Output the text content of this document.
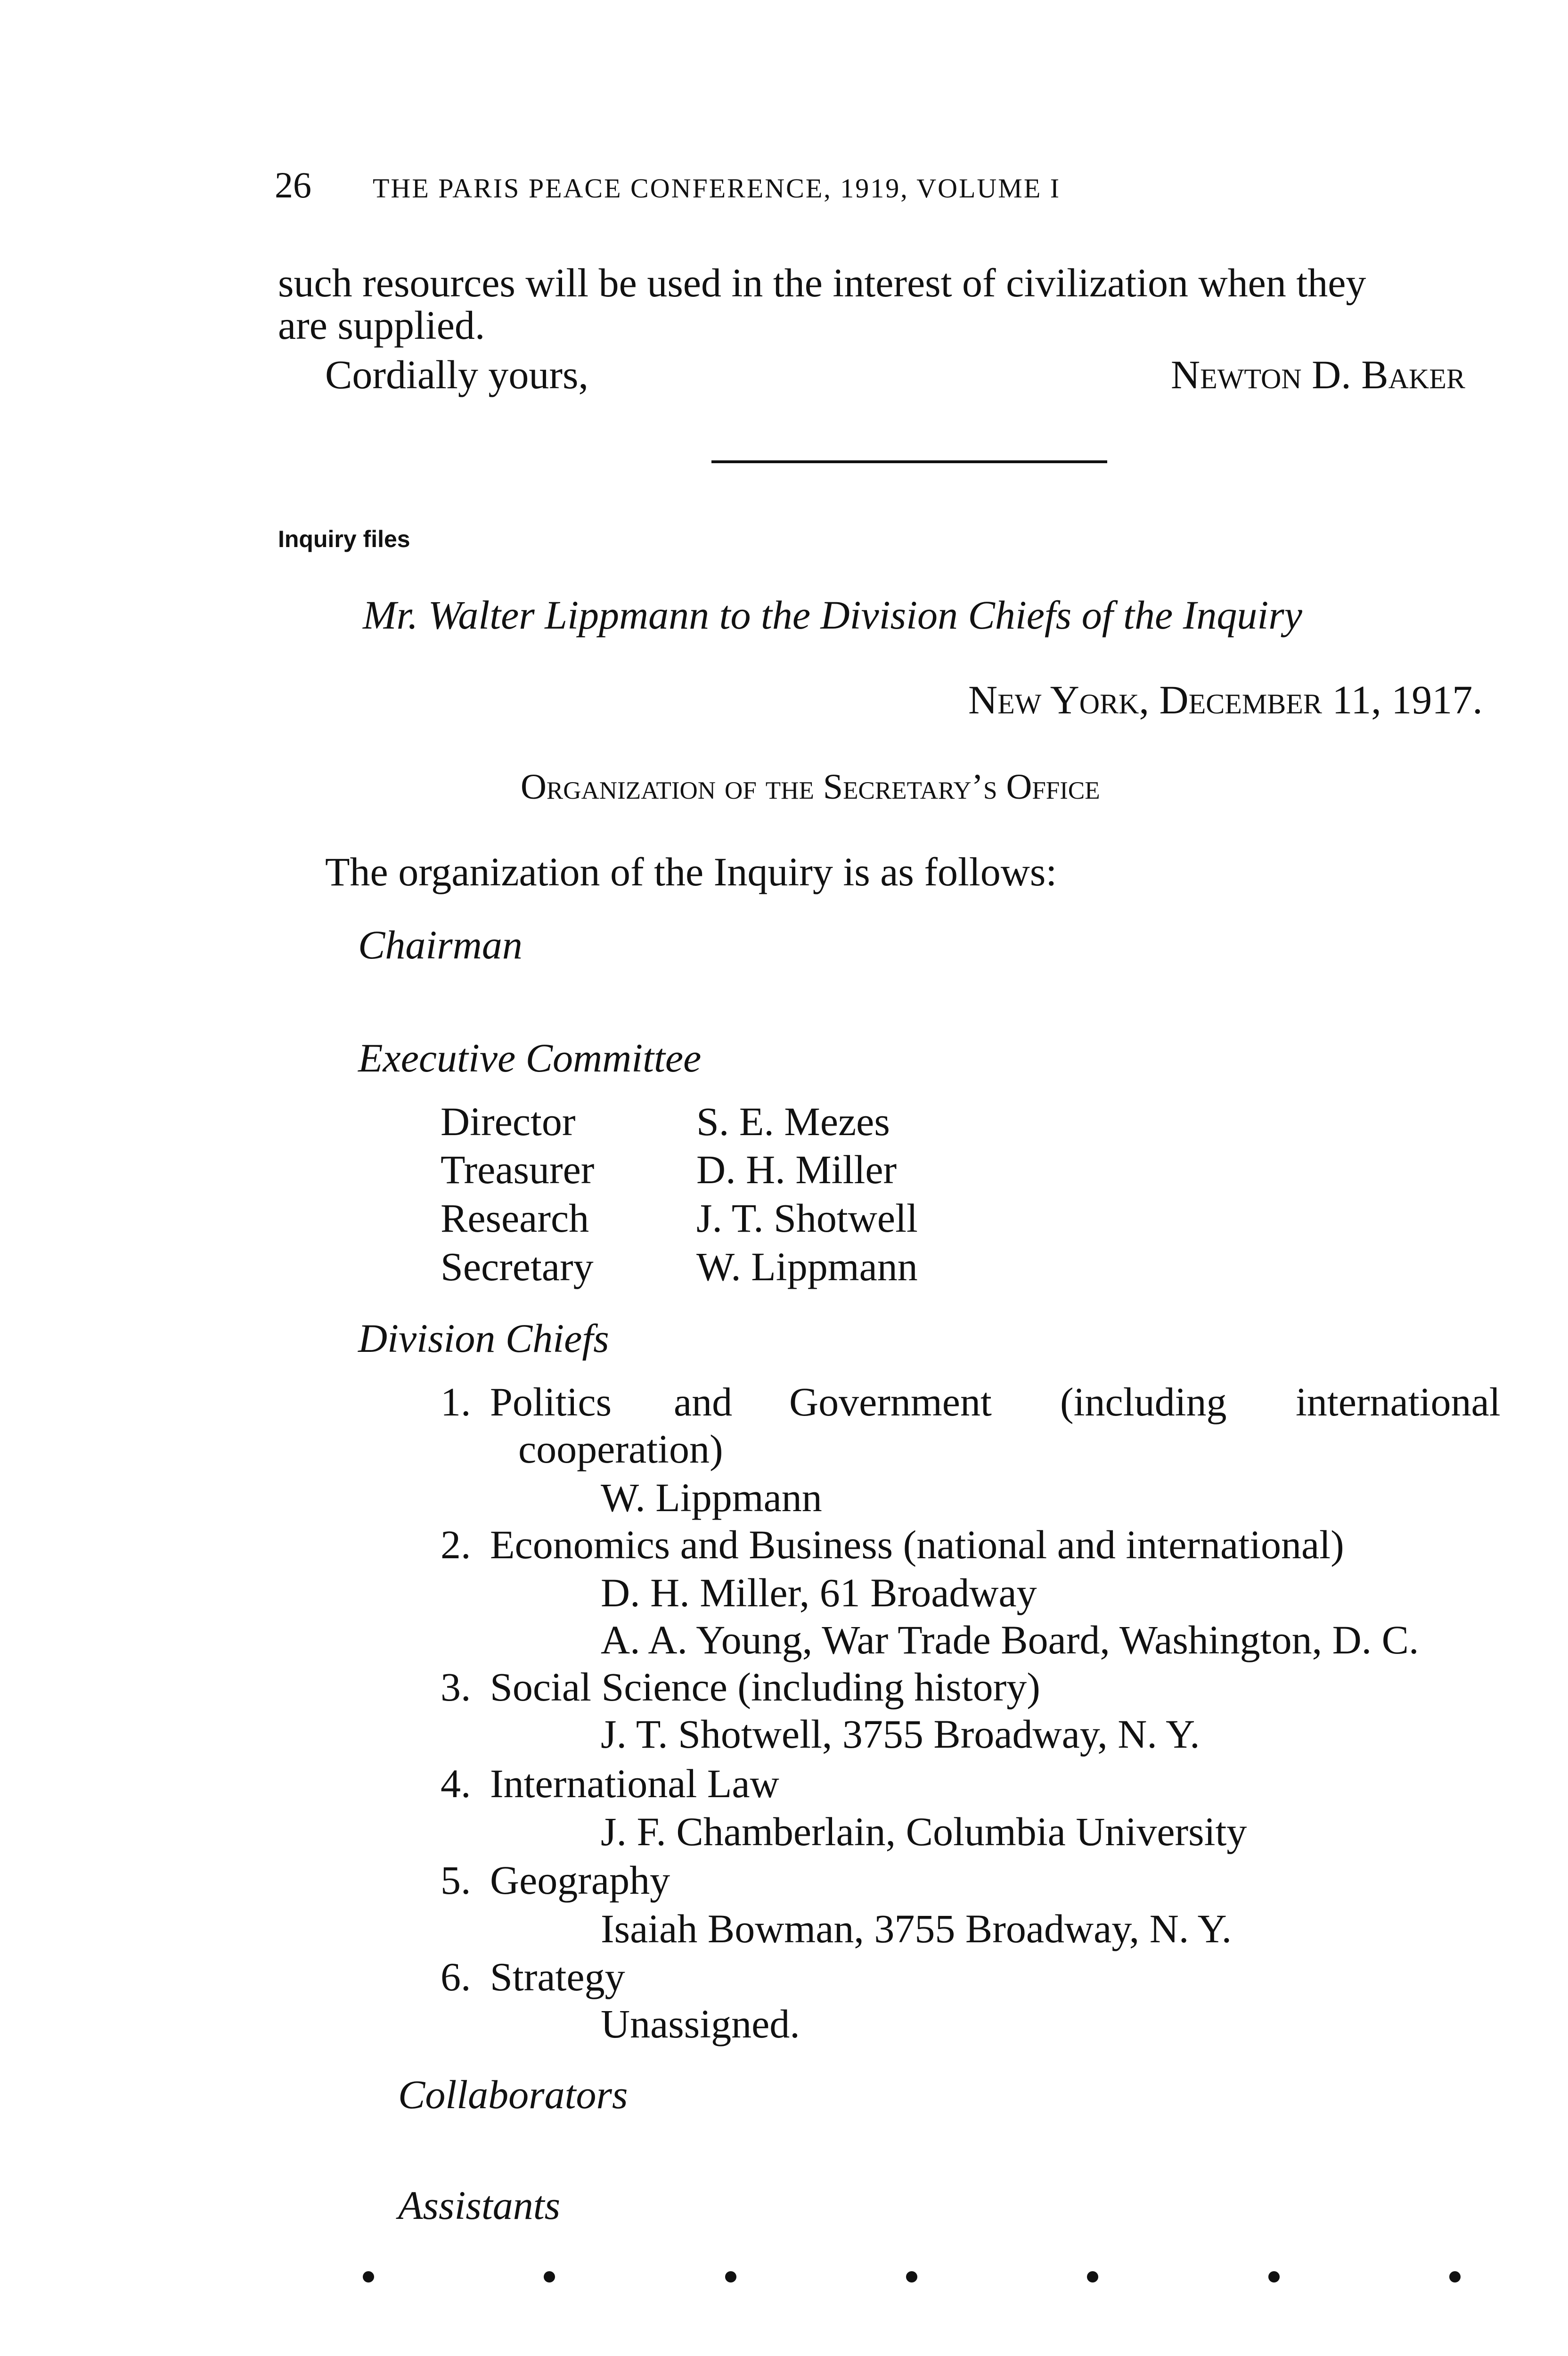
26 THE PARIS PEACE CONFERENCE, 1919, VOLUME I
such resources will be used in the interest of civilization when they
are supplied.
Cordially yours,	Newton D. Baker
Inquiry files
Mr. Walter Lippmann to the Division Chiefs of the Inquiry
New York, December 11, 1917.
Organization of the Secretary’s Office
The organization of the Inquiry is as follows:
Chairman
Executive Committee
Director	S. E. Mezes
Treasurer	D. H. Miller
Research	J. T. Shotwell
Secretary	W. Lippmann
Division Chiefs
1. Politics and Government (including international
cooperation)
W. Lippmann
2. Economics and Business (national and international)
D. H. Miller, 61 Broadway
A. A. Young, War Trade Board, Washington, D. C.
3. Social Science (including history)
J. T. Shotwell, 3755 Broadway, N. Y.
4. International Law
J. F. Chamberlain, Columbia University
5. Geography
Isaiah Bowman, 3755 Broadway, N. Y.
6. Strategy
Unassigned.
Collaborators
Assistants
